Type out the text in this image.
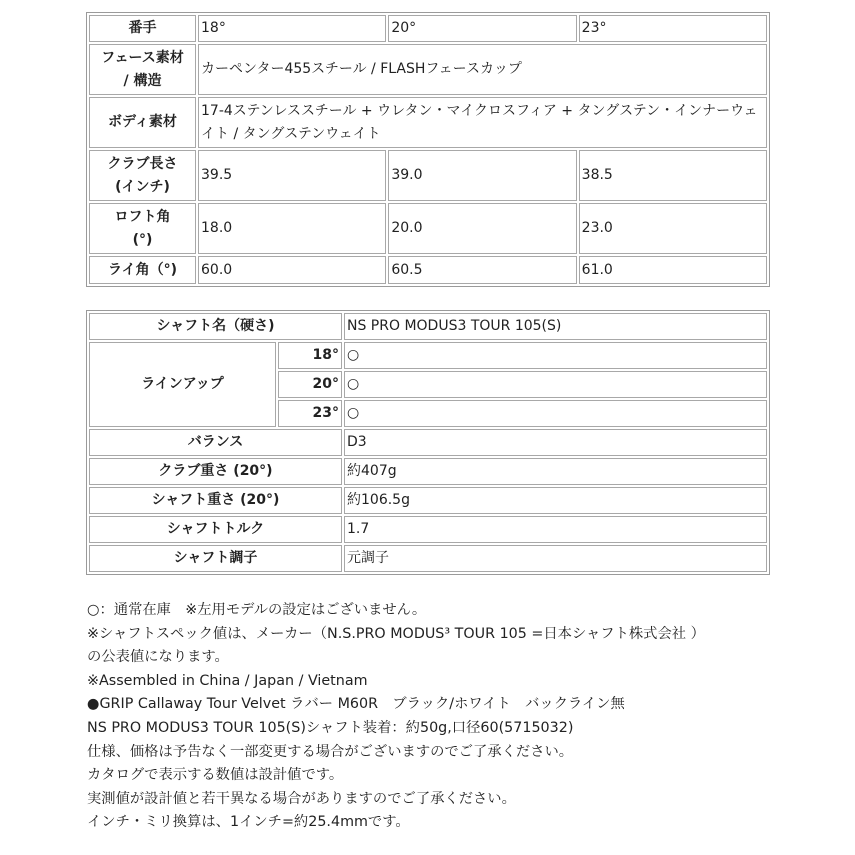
番手	18°	20°	23°
フェース素材
/ 構造	カーペンター455スチール / FLASHフェースカップ		
ボディ素材	17-4ステンレススチール + ウレタン・マイクロスフィア + タングステン・インナーウェイト / タングステンウェイト		
クラブ長さ
(インチ)	39.5	39.0	38.5
ロフト角
(°)	18.0	20.0	23.0
ライ角（°)	60.0	60.5	61.0
シャフト名（硬さ)		NS PRO MODUS3 TOUR 105(S)
ラインアップ	18°	○
	20°	○
	23°	○
バランス		D3
クラブ重さ (20°)		約407g
シャフト重さ (20°)		約106.5g
シャフトトルク		1.7
シャフト調子		元調子
○：通常在庫　※左用モデルの設定はございません。
※シャフトスペック値は、メーカー（N.S.PRO MODUS³ TOUR 105 =日本シャフト株式会社 ）
の公表値になります。
※Assembled in China / Japan / Vietnam
●GRIP Callaway Tour Velvet ラバー M60R　ブラック/ホワイト　バックライン無
NS PRO MODUS3 TOUR 105(S)シャフト装着：約50g,口径60(5715032)
仕様、価格は予告なく一部変更する場合がございますのでご了承ください。
カタログで表示する数値は設計値です。
実測値が設計値と若干異なる場合がありますのでご了承ください。
インチ・ミリ換算は、1インチ=約25.4mmです。
